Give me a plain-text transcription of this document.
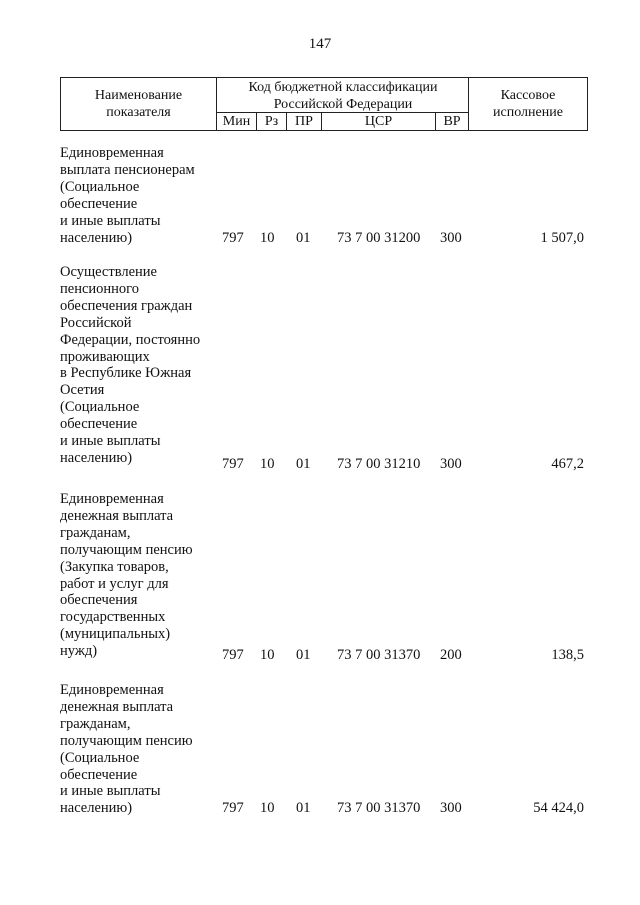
147
Наименование
показателя
Код бюджетной классификации
Российской Федерации
Мин	Рз	ПР	ЦСР	ВР
Кассовое
исполнение
Единовременная
выплата пенсионерам
(Социальное
обеспечение
и иные выплаты
населению)	797 10 01 73 7 00 31200 300	1 507,0
Осуществление
пенсионного
обеспечения граждан
Российской
Федерации, постоянно
проживающих
в Республике Южная
Осетия
(Социальное
обеспечение
и иные выплаты
населению)	797 10 01 73 7 00 31210 300	467,2
Единовременная
денежная выплата
гражданам,
получающим пенсию
(Закупка товаров,
работ и услуг для
обеспечения
государственных
(муниципальных)
нужд)	797 10 01 73 7 00 31370 200	138,5
Единовременная
денежная выплата
гражданам,
получающим пенсию
(Социальное
обеспечение
и иные выплаты
населению)	797 10 01 73 7 00 31370 300	54 424,0
